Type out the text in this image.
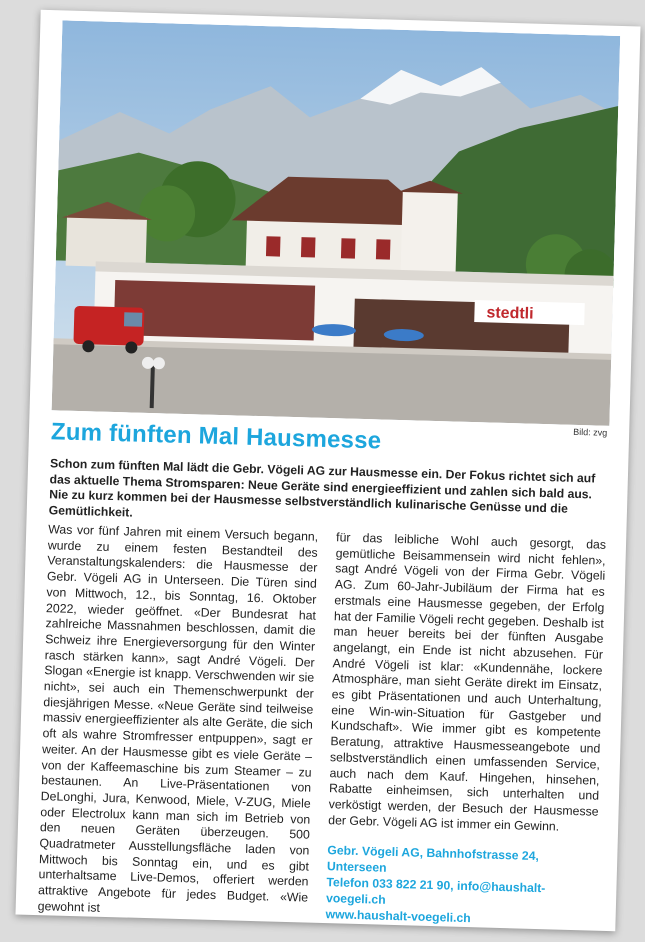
stedtli
Bild: zvg
Zum fünften Mal Hausmesse

Schon zum fünften Mal lädt die Gebr. Vögeli AG zur Hausmesse ein. Der Fokus richtet sich auf das aktuelle Thema Stromsparen: Neue Geräte sind energieeffizient und zahlen sich bald aus. Nie zu kurz kommen bei der Hausmesse selbstverständlich kulinarische Genüsse und die Gemütlichkeit.

Was vor fünf Jahren mit einem Versuch begann, wurde zu einem festen Bestandteil des Veranstaltungskalenders: die Hausmesse der Gebr. Vögeli AG in Unterseen. Die Türen sind von Mittwoch, 12., bis Sonntag, 16. Oktober 2022, wieder geöffnet. «Der Bundesrat hat zahlreiche Massnahmen beschlossen, damit die Schweiz ihre Energieversorgung für den Winter rasch stärken kann», sagt André Vögeli. Der Slogan «Energie ist knapp. Verschwenden wir sie nicht», sei auch ein Themenschwerpunkt der diesjährigen Messe. «Neue Geräte sind teilweise massiv energieeffizienter als alte Geräte, die sich oft als wahre Stromfresser entpuppen», sagt er weiter. An der Hausmesse gibt es viele Geräte – von der Kaffeemaschine bis zum Steamer – zu bestaunen. An Live-Präsentationen von DeLonghi, Jura, Kenwood, Miele, V-ZUG, Miele oder Electrolux kann man sich im Betrieb von den neuen Geräten überzeugen. 500 Quadratmeter Ausstellungsfläche laden von Mittwoch bis Sonntag ein, und es gibt unterhaltsame Live-Demos, offeriert werden attraktive Angebote für jedes Budget. «Wie gewohnt ist

für das leibliche Wohl auch gesorgt, das gemütliche Beisammensein wird nicht fehlen», sagt André Vögeli von der Firma Gebr. Vögeli AG. Zum 60-Jahr-Jubiläum der Firma hat es erstmals eine Hausmesse gegeben, der Erfolg hat der Familie Vögeli recht gegeben. Deshalb ist man heuer bereits bei der fünften Ausgabe angelangt, ein Ende ist nicht abzusehen. Für André Vögeli ist klar: «Kundennähe, lockere Atmosphäre, man sieht Geräte direkt im Einsatz, es gibt Präsentationen und auch Unterhaltung, eine Win-win-Situation für Gastgeber und Kundschaft». Wie immer gibt es kompetente Beratung, attraktive Hausmesseangebote und selbstverständlich einen umfassenden Service, auch nach dem Kauf. Hingehen, hinsehen, Rabatte einheimsen, sich unterhalten und verköstigt werden, der Besuch der Hausmesse der Gebr. Vögeli AG ist immer ein Gewinn.

Gebr. Vögeli AG, Bahnhofstrasse 24, Unterseen
Telefon 033 822 21 90, info@haushalt-voegeli.ch
www.haushalt-voegeli.ch
